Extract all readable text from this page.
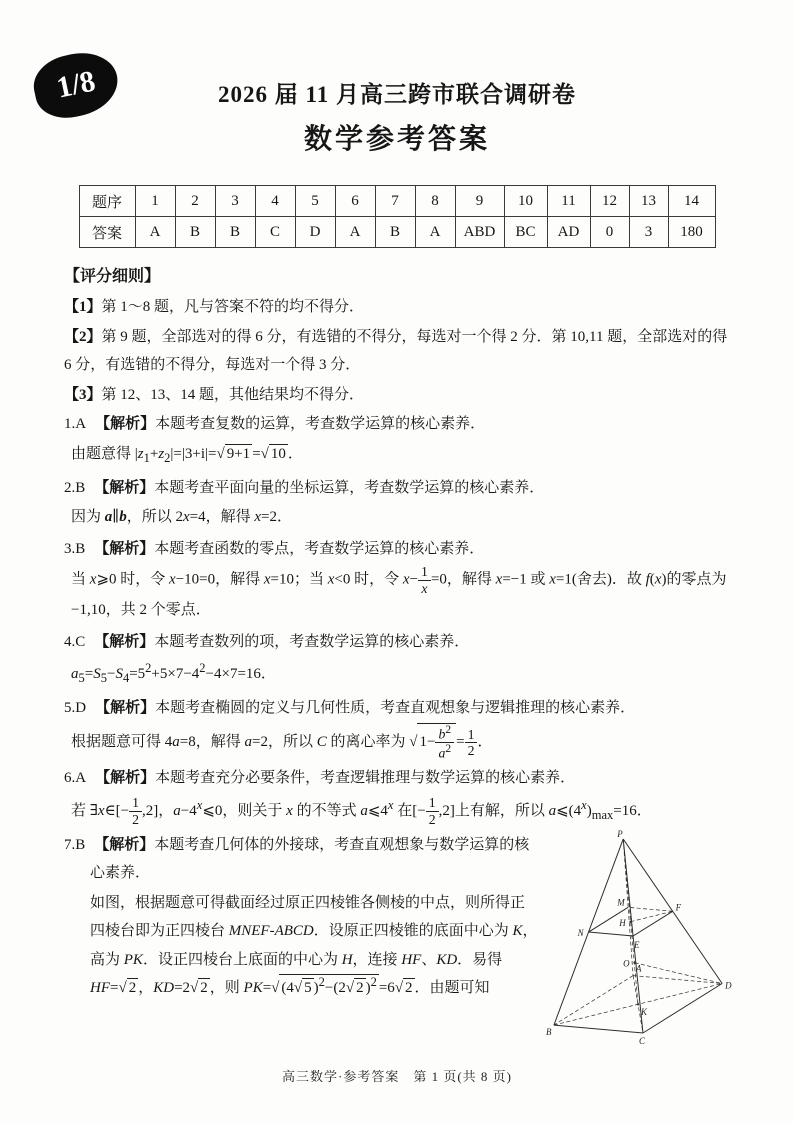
1/8	2026 届 11 月高三跨市联合调研卷
数学参考答案
题序	1	2	3	4	5	6	7	8	9	10	11	12	13	14
答案	A	B	B	C	D	A	B	A	ABD	BC	AD	0	3	180

【评分细则】

【1】第 1～8 题，凡与答案不符的均不得分．

【2】第 9 题，全部选对的得 6 分，有选错的不得分，每选对一个得 2 分．第 10,11 题，全部选对的得 6 分，有选错的不得分，每选对一个得 3 分．

【3】第 12、13、14 题，其他结果均不得分．

1.A 【解析】本题考查复数的运算，考查数学运算的核心素养．

由题意得 $|z_1+z_2|=|3+i|=$ √ 9+1 = √ 10 ．

2.B 【解析】本题考查平面向量的坐标运算，考查数学运算的核心素养．

因为 a∥b，所以 2x=4，解得 x=2．

3.B 【解析】本题考查函数的零点，考查数学运算的核心素养．

当 x⩾0 时，令 x−10=0，解得 x=10；当 x<0 时，令 $x- \frac{1}{x} =0$，解得 x=−1 或 x=1(舍去)．故 f(x)的零点为−1,10，共 2 个零点．

4.C 【解析】本题考查数列的项，考查数学运算的核心素养．

$a_5=S_5-S_4=5^2+5\times 7-4^2-4\times 7=16$．

5.D 【解析】本题考查椭圆的定义与几何性质，考查直观想象与逻辑推理的核心素养．

根据题意可得 4a=8，解得 a=2，所以 C 的离心率为 √ $1- \frac{b^2}{a^2} = \frac{1}{2}$ ．

6.A 【解析】本题考查充分必要条件，考查逻辑推理与数学运算的核心素养．

若 ∃x∈[− $\frac{1}{2} ,2$]，$a-4^x⩽0$，则关于 x 的不等式 a⩽4$^x$ 在[− $\frac{1}{2} ,2$]上有解，所以 $a⩽(4^x)_{max}=16$．

P
M
N
E
F
H
O
K
A
B
C
D

7.B 【解析】本题考查几何体的外接球，考查直观想象与数学运算的核心素养．

如图，根据题意可得截面经过原正四棱锥各侧棱的中点，则所得正四棱台即为正四棱台 MNEF-ABCD．设原正四棱锥的底面中心为 K，高为 PK．设正四棱台上底面的中心为 H，连接 HF、KD．易得 HF= √ 2 ，KD=2 √ 2 ，则 PK= √ (4 √ 5 )$^2$−(2 √ 2 )$^2$ =6 √ 2 ．由题可知

高三数学·参考答案　第 1 页(共 8 页)
